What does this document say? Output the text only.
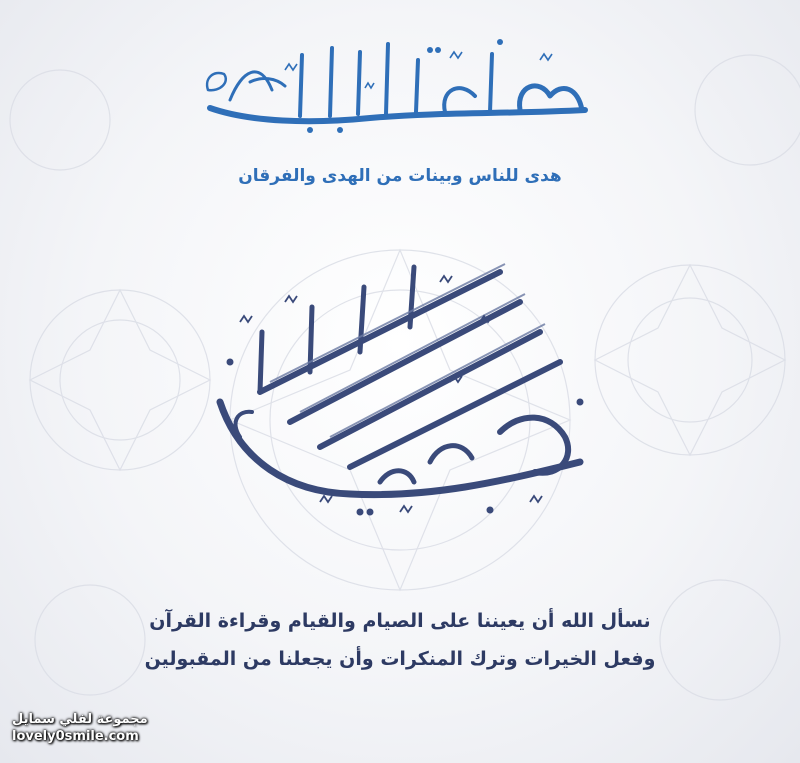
هدى للناس وبينات من الهدى والفرقان
نسأل الله أن يعيننا على الصيام والقيام وقراءة القرآن
وفعل الخيرات وترك المنكرات وأن يجعلنا من المقبولين
مجموعة لفلي سمايل
lovely0smile.com
